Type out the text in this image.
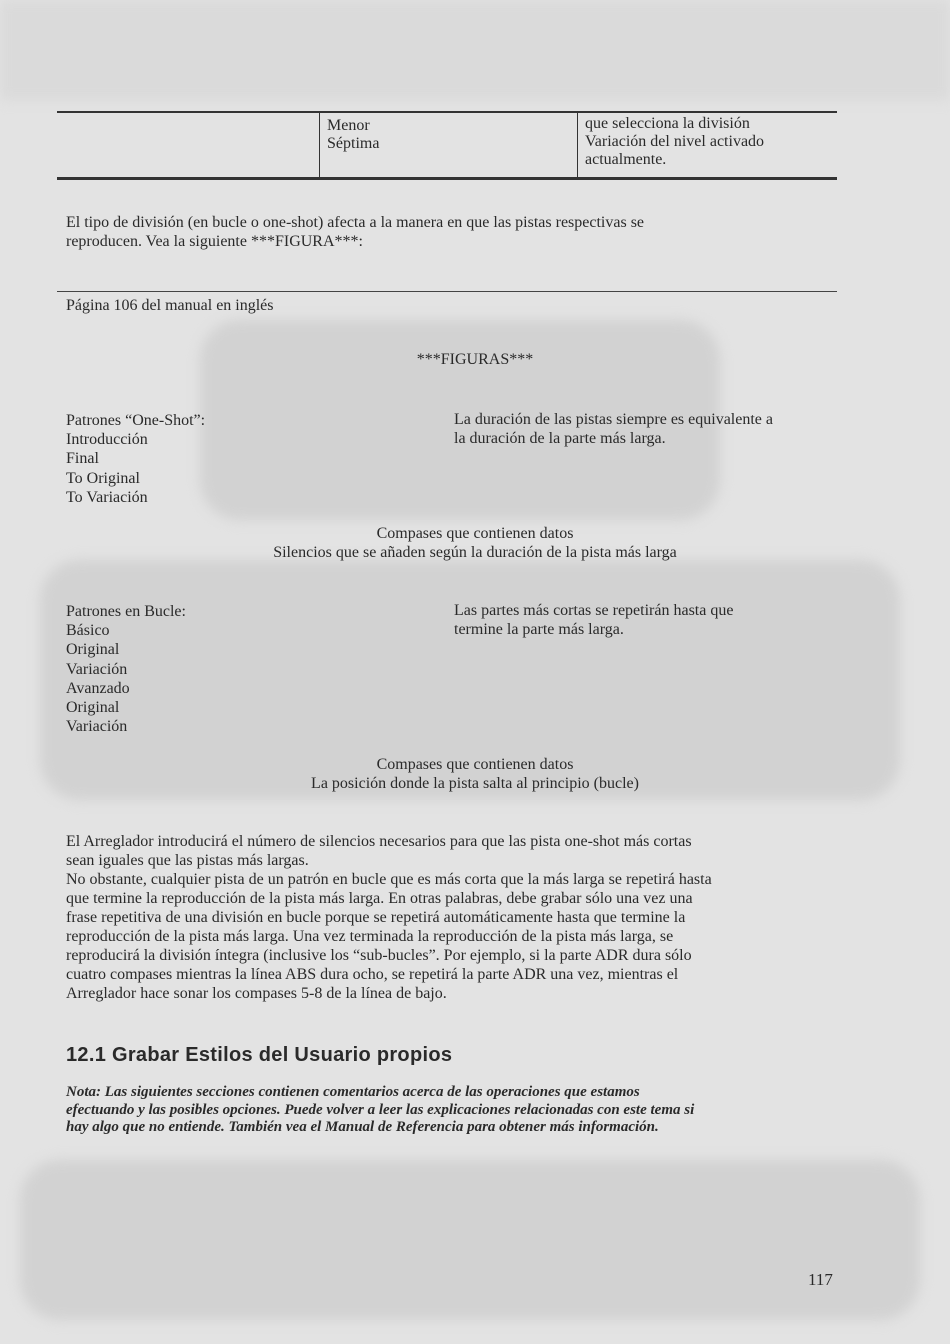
Menor
Séptima
que selecciona la división
Variación del nivel activado
actualmente.
El tipo de división (en bucle o one-shot) afecta a la manera en que las pistas respectivas se
reproducen. Vea la siguiente ***FIGURA***:
Página 106 del manual en inglés
***FIGURAS***
Patrones “One-Shot”:
Introducción
Final
To Original
To Variación
La duración de las pistas siempre es equivalente a
la duración de la parte más larga.
Compases que contienen datos
Silencios que se añaden según la duración de la pista más larga
Patrones en Bucle:
Básico
Original
Variación
Avanzado
Original
Variación
Las partes más cortas se repetirán hasta que
termine la parte más larga.
Compases que contienen datos
La posición donde la pista salta al principio (bucle)
El Arreglador introducirá el número de silencios necesarios para que las pista one-shot más cortas
sean iguales que las pistas más largas.
No obstante, cualquier pista de un patrón en bucle que es más corta que la más larga se repetirá hasta
que termine la reproducción de la pista más larga. En otras palabras, debe grabar sólo una vez una
frase repetitiva de una división en bucle porque se repetirá automáticamente hasta que termine la
reproducción de la pista más larga. Una vez terminada la reproducción de la pista más larga, se
reproducirá la división íntegra (inclusive los “sub-bucles”. Por ejemplo, si la parte ADR dura sólo
cuatro compases mientras la línea ABS dura ocho, se repetirá la parte ADR una vez, mientras el
Arreglador hace sonar los compases 5-8 de la línea de bajo.
12.1 Grabar Estilos del Usuario propios
Nota: Las siguientes secciones contienen comentarios acerca de las operaciones que estamos
efectuando y las posibles opciones. Puede volver a leer las explicaciones relacionadas con este tema si
hay algo que no entiende. También vea el Manual de Referencia para obtener más información.
117
